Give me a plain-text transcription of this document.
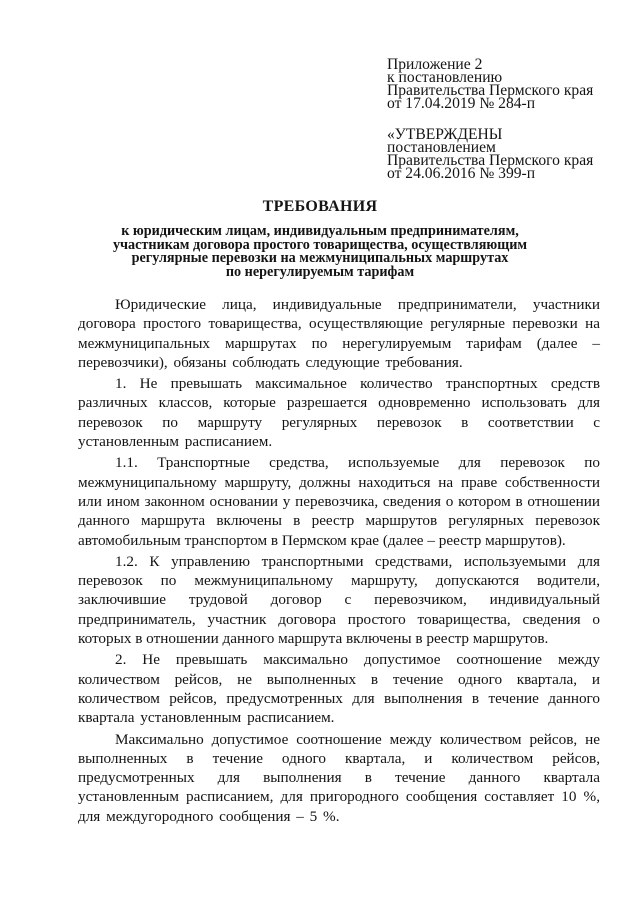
Приложение 2
к постановлению
Правительства Пермского края
от 17.04.2019 № 284-п
«УТВЕРЖДЕНЫ
постановлением
Правительства Пермского края
от 24.06.2016 № 399-п
ТРЕБОВАНИЯ
к юридическим лицам, индивидуальным предпринимателям,
участникам договора простого товарищества, осуществляющим
регулярные перевозки на межмуниципальных маршрутах
по нерегулируемым тарифам

Юридические лица, индивидуальные предприниматели, участники договора простого товарищества, осуществляющие регулярные перевозки на межмуниципальных маршрутах по нерегулируемым тарифам (далее – перевозчики), обязаны соблюдать следующие требования.

1. Не превышать максимальное количество транспортных средств различных классов, которые разрешается одновременно использовать для перевозок по маршруту регулярных перевозок в соответствии с установленным расписанием.

1.1. Транспортные средства, используемые для перевозок по межмуниципальному маршруту, должны находиться на праве собственности или ином законном основании у перевозчика, сведения о котором в отношении данного маршрута включены в реестр маршрутов регулярных перевозок автомобильным транспортом в Пермском крае (далее – реестр маршрутов).

1.2. К управлению транспортными средствами, используемыми для перевозок по межмуниципальному маршруту, допускаются водители, заключившие трудовой договор с перевозчиком, индивидуальный предприниматель, участник договора простого товарищества, сведения о которых в отношении данного маршрута включены в реестр маршрутов.

2. Не превышать максимально допустимое соотношение между количеством рейсов, не выполненных в течение одного квартала, и количеством рейсов, предусмотренных для выполнения в течение данного квартала установленным расписанием.

Максимально допустимое соотношение между количеством рейсов, не выполненных в течение одного квартала, и количеством рейсов, предусмотренных для выполнения в течение данного квартала установленным расписанием, для пригородного сообщения составляет 10 %, для междугородного сообщения – 5 %.
